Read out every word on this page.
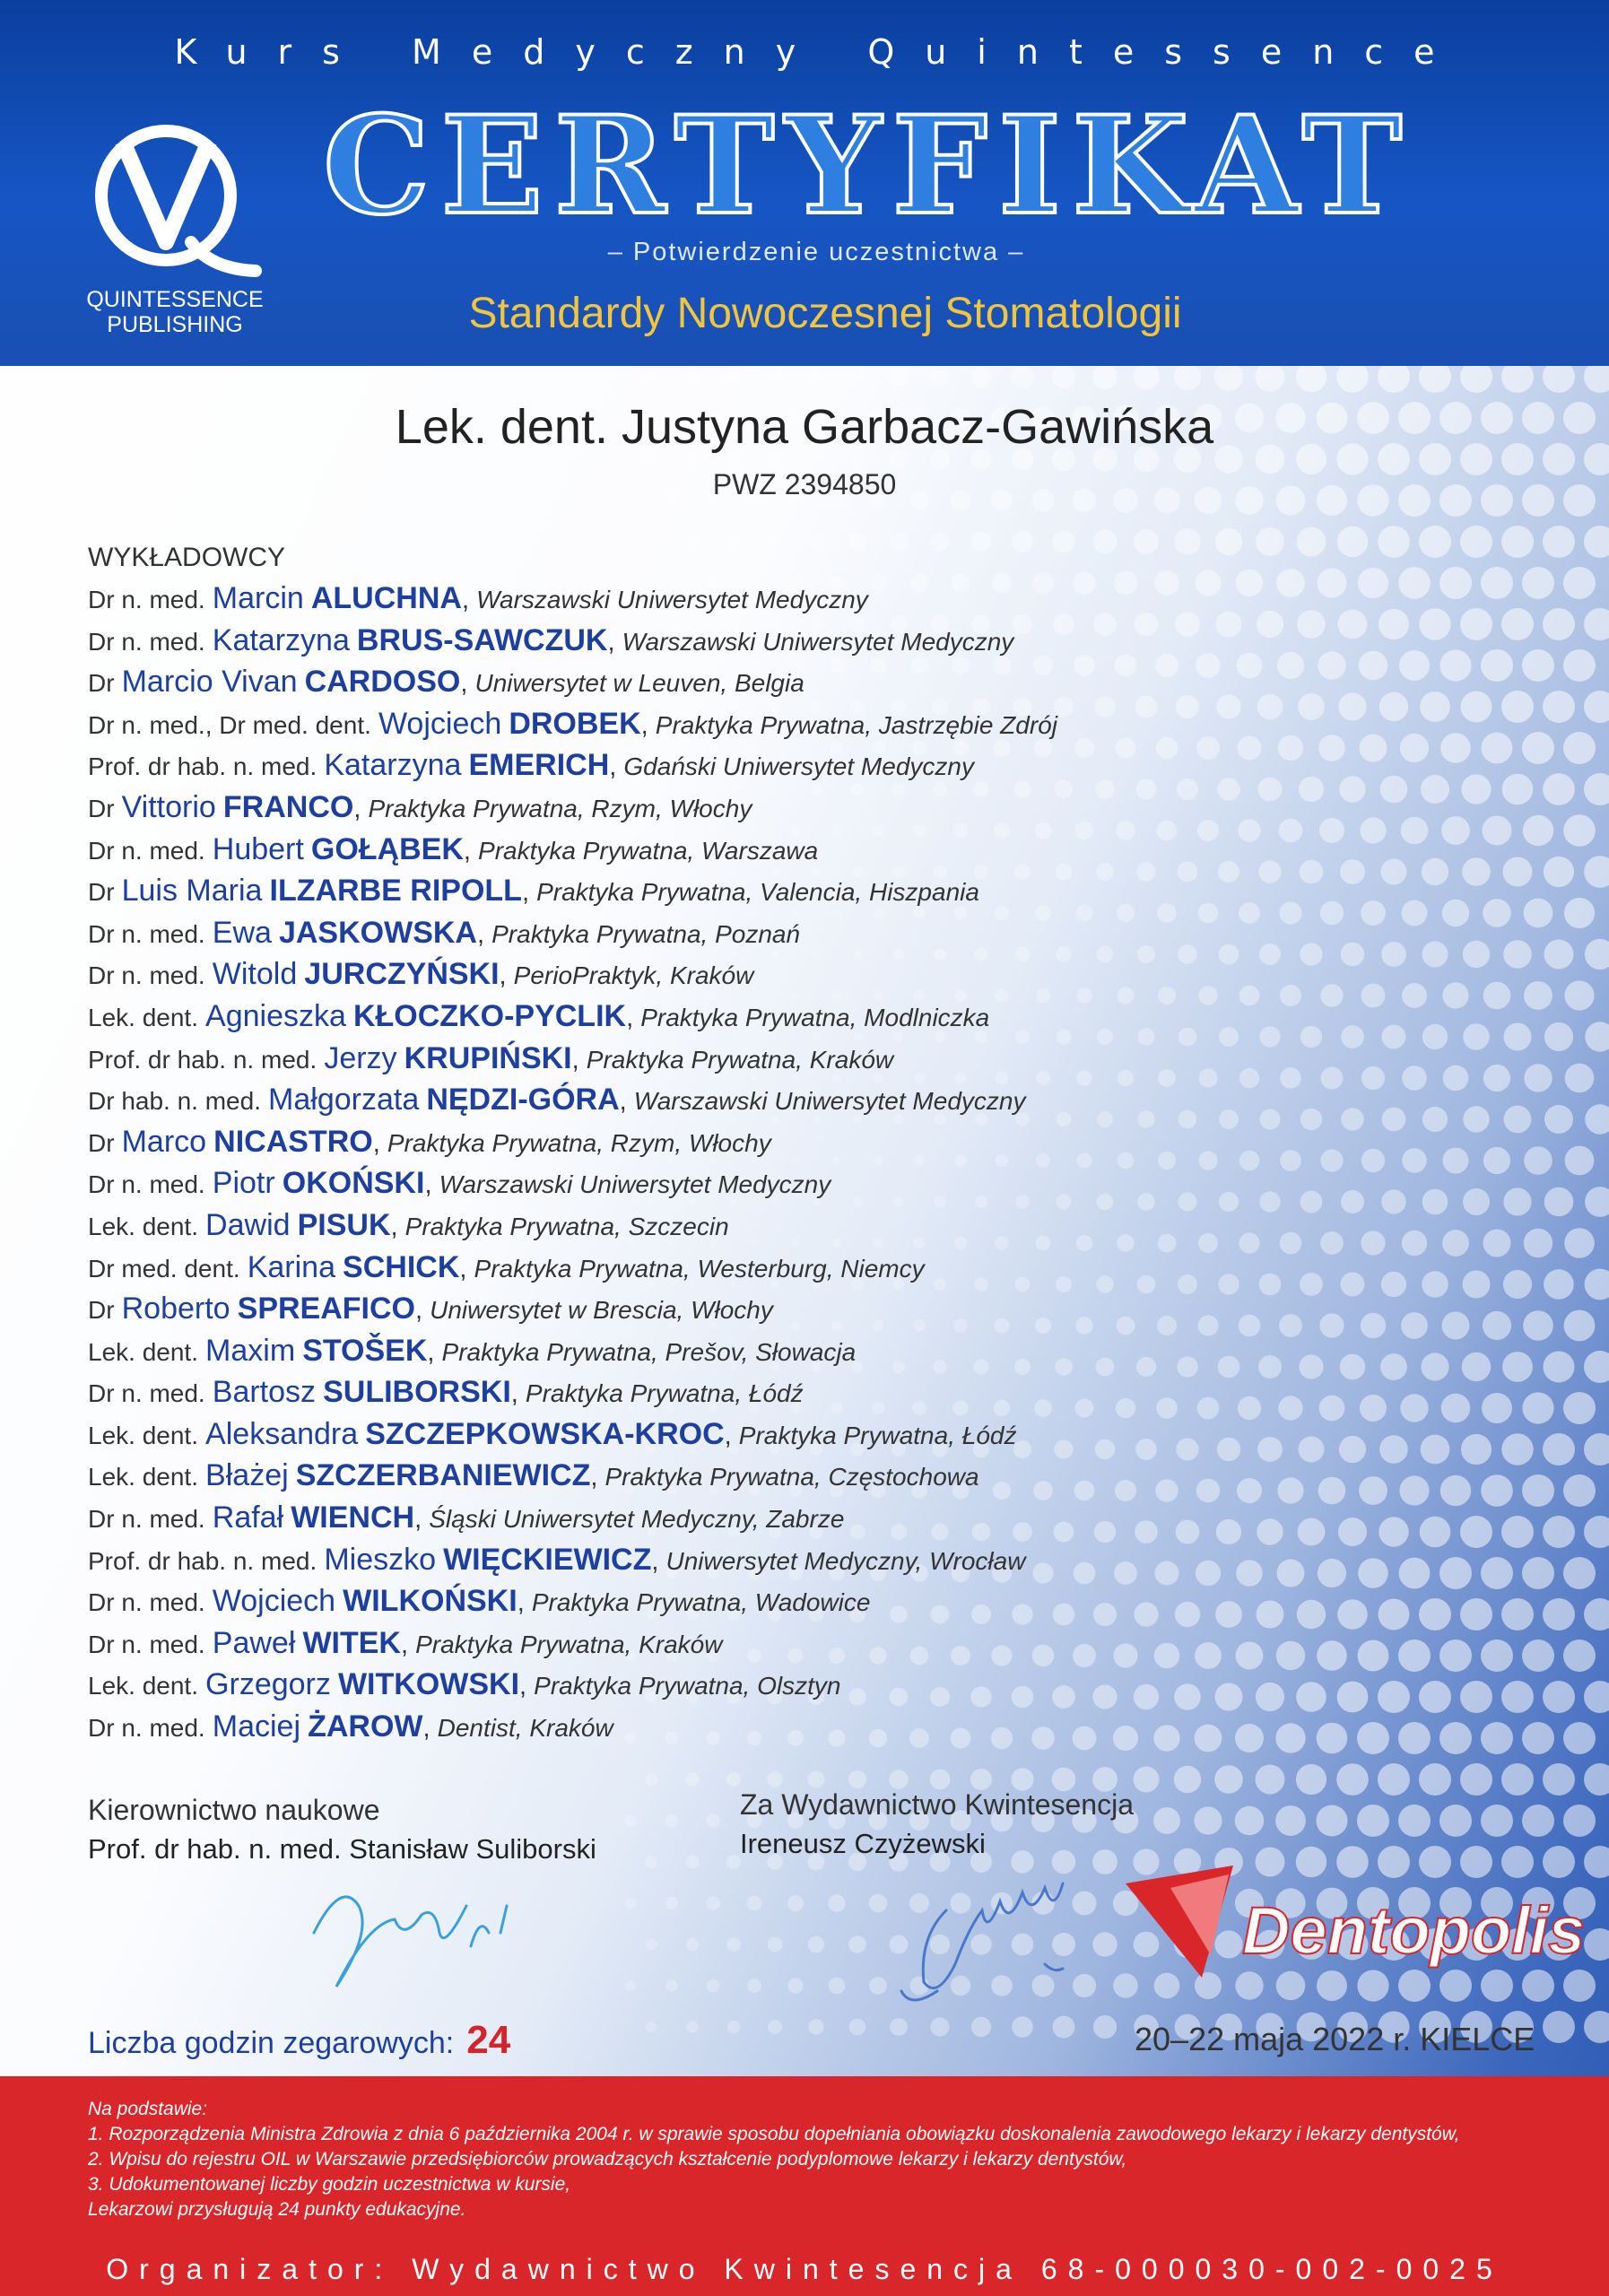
Kurs Medyczny Quintessence
QUINTESSENCE
PUBLISHING
CERTYFIKAT
– Potwierdzenie uczestnictwa –
Standardy Nowoczesnej Stomatologii
Lek. dent. Justyna Garbacz-Gawińska
PWZ 2394850
WYKŁADOWCY
Dr n. med. Marcin ALUCHNA, Warszawski Uniwersytet Medyczny
Dr n. med. Katarzyna BRUS-SAWCZUK, Warszawski Uniwersytet Medyczny
Dr Marcio Vivan CARDOSO, Uniwersytet w Leuven, Belgia
Dr n. med., Dr med. dent. Wojciech DROBEK, Praktyka Prywatna, Jastrzębie Zdrój
Prof. dr hab. n. med. Katarzyna EMERICH, Gdański Uniwersytet Medyczny
Dr Vittorio FRANCO, Praktyka Prywatna, Rzym, Włochy
Dr n. med. Hubert GOŁĄBEK, Praktyka Prywatna, Warszawa
Dr Luis Maria ILZARBE RIPOLL, Praktyka Prywatna, Valencia, Hiszpania
Dr n. med. Ewa JASKOWSKA, Praktyka Prywatna, Poznań
Dr n. med. Witold JURCZYŃSKI, PerioPraktyk, Kraków
Lek. dent. Agnieszka KŁOCZKO-PYCLIK, Praktyka Prywatna, Modlniczka
Prof. dr hab. n. med. Jerzy KRUPIŃSKI, Praktyka Prywatna, Kraków
Dr hab. n. med. Małgorzata NĘDZI-GÓRA, Warszawski Uniwersytet Medyczny
Dr Marco NICASTRO, Praktyka Prywatna, Rzym, Włochy
Dr n. med. Piotr OKOŃSKI, Warszawski Uniwersytet Medyczny
Lek. dent. Dawid PISUK, Praktyka Prywatna, Szczecin
Dr med. dent. Karina SCHICK, Praktyka Prywatna, Westerburg, Niemcy
Dr Roberto SPREAFICO, Uniwersytet w Brescia, Włochy
Lek. dent. Maxim STOŠEK, Praktyka Prywatna, Prešov, Słowacja
Dr n. med. Bartosz SULIBORSKI, Praktyka Prywatna, Łódź
Lek. dent. Aleksandra SZCZEPKOWSKA-KROC, Praktyka Prywatna, Łódź
Lek. dent. Błażej SZCZERBANIEWICZ, Praktyka Prywatna, Częstochowa
Dr n. med. Rafał WIENCH, Śląski Uniwersytet Medyczny, Zabrze
Prof. dr hab. n. med. Mieszko WIĘCKIEWICZ, Uniwersytet Medyczny, Wrocław
Dr n. med. Wojciech WILKOŃSKI, Praktyka Prywatna, Wadowice
Dr n. med. Paweł WITEK, Praktyka Prywatna, Kraków
Lek. dent. Grzegorz WITKOWSKI, Praktyka Prywatna, Olsztyn
Dr n. med. Maciej ŻAROW, Dentist, Kraków
Kierownictwo naukowe
Prof. dr hab. n. med. Stanisław Suliborski
Za Wydawnictwo Kwintesencja
Ireneusz Czyżewski
Dentopolis
Liczba godzin zegarowych: 24	20–22 maja 2022 r. KIELCE
Na podstawie:
1. Rozporządzenia Ministra Zdrowia z dnia 6 października 2004 r. w sprawie sposobu dopełniania obowiązku doskonalenia zawodowego lekarzy i lekarzy dentystów,
2. Wpisu do rejestru OIL w Warszawie przedsiębiorców prowadzących kształcenie podyplomowe lekarzy i lekarzy dentystów,
3. Udokumentowanej liczby godzin uczestnictwa w kursie,
Lekarzowi przysługują 24 punkty edukacyjne.
Organizator: Wydawnictwo Kwintesencja 68-000030-002-0025
